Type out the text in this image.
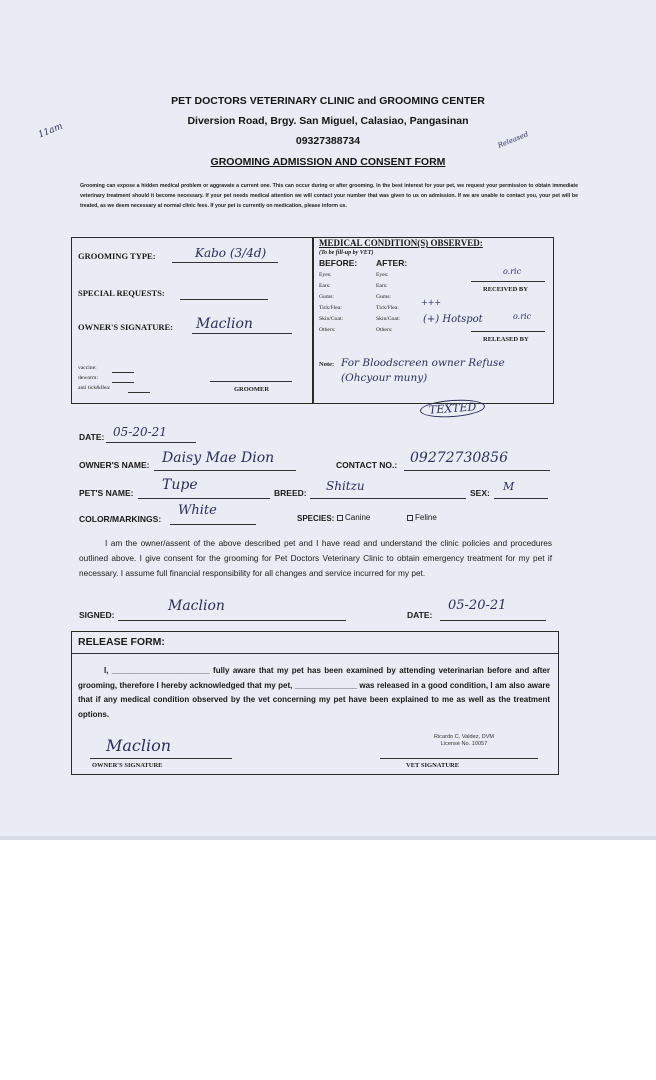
11am	Released
PET DOCTORS VETERINARY CLINIC and GROOMING CENTER
Diversion Road, Brgy. San Miguel, Calasiao, Pangasinan
09327388734
GROOMING ADMISSION AND CONSENT FORM
Grooming can expose a hidden medical problem or aggravate a current one. This can occur during or after grooming. In the best interest for your pet, we request your permission to obtain immediate veterinary treatment should it become necessary. If your pet needs medical attention we will contact your number that was given to us on admission. If we are unable to contact you, your pet will be treated, as we deem necessary at normal clinic fees. If your pet is currently on medication, please inform us.
GROOMING TYPE:	Kabo (3/4d)
SPECIAL REQUESTS:
OWNER'S SIGNATURE: Maclion
vaccine:
deworm:
anti tick&flea:	GROOMER
MEDICAL CONDITION(S) OBSERVED:
(To be fill-up by VET)
BEFORE: AFTER:
Eyes:
Ears:
Gums:
Tick/Flea:
Skin/Coat:
Others:
Eyes:
Ears:
Gums:
Tick/Flea:
Skin/Coat:
Others:
+++
(+) Hotspot
o.ric
RECEIVED BY
o.ric
RELEASED BY
Note: For Bloodscreen owner Refuse (Ohcyour muny)
TEXTED
DATE: 05-20-21
OWNER'S NAME: Daisy Mae Dion	CONTACT NO.: 09272730856
PET'S NAME: Tupe	BREED: Shitzu	SEX: M
COLOR/MARKINGS:
White
SPECIES:	Canine	Feline
I am the owner/assent of the above described pet and I have read and understand the clinic policies and procedures outlined above. I give consent for the grooming for Pet Doctors Veterinary Clinic to obtain emergency treatment for my pet if necessary. I assume full financial responsibility for all changes and service incurred for my pet.
SIGNED:
Maclion
DATE:
05-20-21
RELEASE FORM:
I, ______________________ fully aware that my pet has been examined by attending veterinarian before and after grooming, therefore I hereby acknowledged that my pet, ______________ was released in a good condition, I am also aware that if any medical condition observed by the vet concerning my pet have been explained to me as well as the treatment options.
Maclion
OWNER'S SIGNATURE
Ricardo C. Valdez, DVM
License No. 10057
VET SIGNATURE
